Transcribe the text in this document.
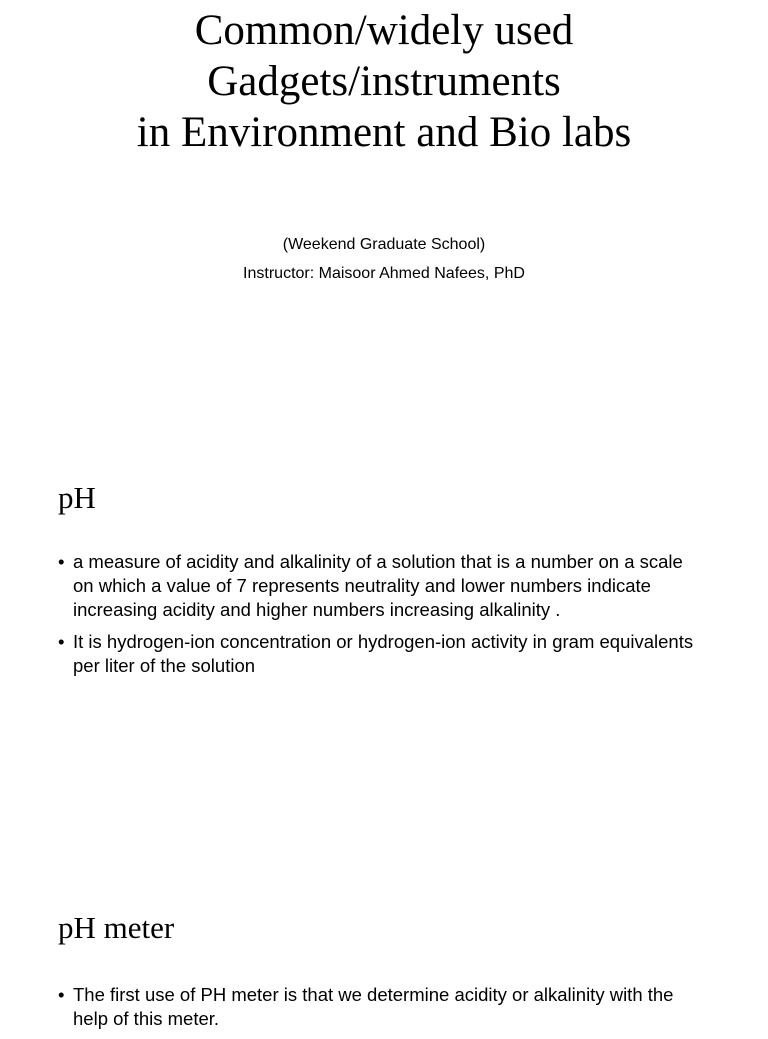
Common/widely used
Gadgets/instruments
in Environment and Bio labs
(Weekend Graduate School)
Instructor: Maisoor Ahmed Nafees, PhD
pH
• a measure of acidity and alkalinity of a solution that is a number on a scale on which a value of 7 represents neutrality and lower numbers indicate increasing acidity and higher numbers increasing alkalinity .
• It is hydrogen-ion concentration or hydrogen-ion activity in gram equivalents per liter of the solution
pH meter
• The first use of PH meter is that we determine acidity or alkalinity with the help of this meter.
